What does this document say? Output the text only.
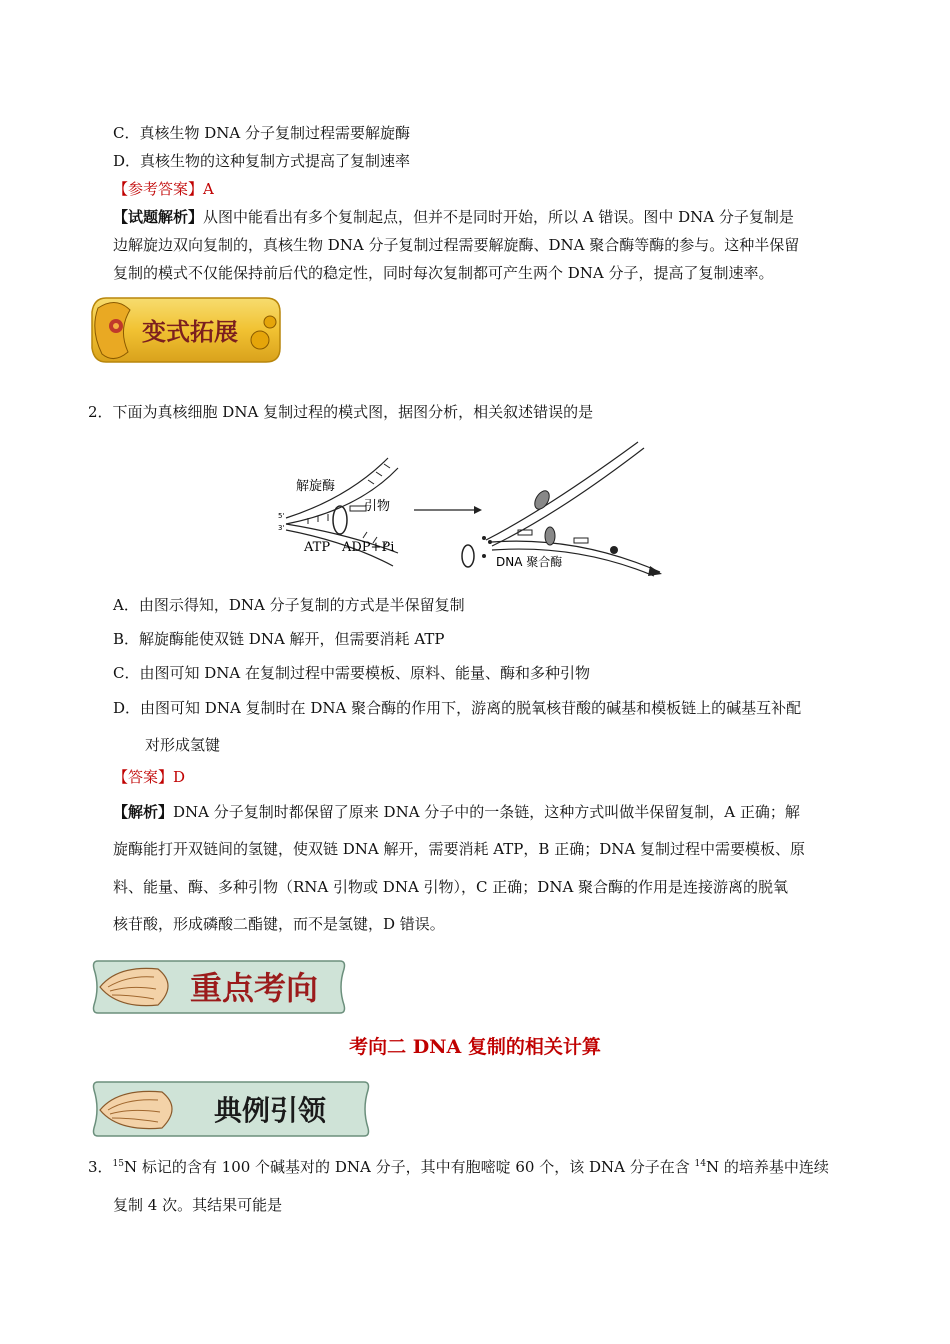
C．真核生物 DNA 分子复制过程需要解旋酶
D．真核生物的这种复制方式提高了复制速率
【参考答案】A
【试题解析】从图中能看出有多个复制起点，但并不是同时开始，所以 A 错误。图中 DNA 分子复制是
边解旋边双向复制的，真核生物 DNA 分子复制过程需要解旋酶、DNA 聚合酶等酶的参与。这种半保留
复制的模式不仅能保持前后代的稳定性，同时每次复制都可产生两个 DNA 分子，提高了复制速率。
变式拓展
2．下面为真核细胞 DNA 复制过程的模式图，据图分析，相关叙述错误的是
解旋酶
引物
5'
3'
ATP ADP+Pi
DNA 聚合酶
A．由图示得知，DNA 分子复制的方式是半保留复制
B．解旋酶能使双链 DNA 解开，但需要消耗 ATP
C．由图可知 DNA 在复制过程中需要模板、原料、能量、酶和多种引物
D．由图可知 DNA 复制时在 DNA 聚合酶的作用下，游离的脱氧核苷酸的碱基和模板链上的碱基互补配
对形成氢键
【答案】D
【解析】DNA 分子复制时都保留了原来 DNA 分子中的一条链，这种方式叫做半保留复制，A 正确；解
旋酶能打开双链间的氢键，使双链 DNA 解开，需要消耗 ATP，B 正确；DNA 复制过程中需要模板、原
料、能量、酶、多种引物（RNA 引物或 DNA 引物），C 正确；DNA 聚合酶的作用是连接游离的脱氧
核苷酸，形成磷酸二酯键，而不是氢键，D 错误。
重点考向
考向二 DNA 复制的相关计算
典例引领
3．$^{15}$N 标记的含有 100 个碱基对的 DNA 分子，其中有胞嘧啶 60 个，该 DNA 分子在含 $^{14}$N 的培养基中连续
复制 4 次。其结果可能是
